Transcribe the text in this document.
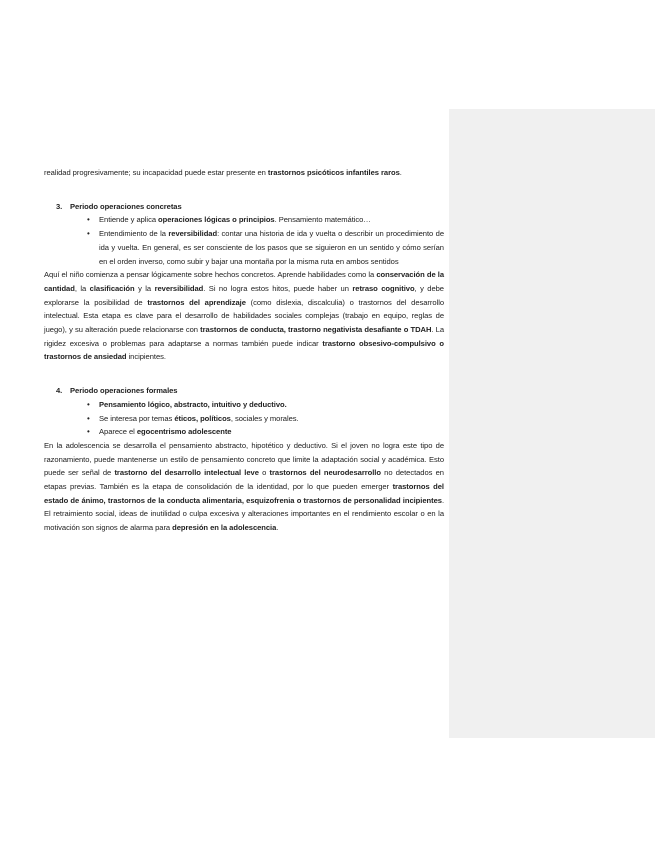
realidad progresivamente; su incapacidad puede estar presente en trastornos psicóticos infantiles raros.

3. Periodo operaciones concretas

• Entiende y aplica operaciones lógicas o principios. Pensamiento matemático…
• Entendimiento de la reversibilidad: contar una historia de ida y vuelta o describir un procedimiento de ida y vuelta. En general, es ser consciente de los pasos que se siguieron en un sentido y cómo serían en el orden inverso, como subir y bajar una montaña por la misma ruta en ambos sentidos

Aquí el niño comienza a pensar lógicamente sobre hechos concretos. Aprende habilidades como la conservación de la cantidad, la clasificación y la reversibilidad. Si no logra estos hitos, puede haber un retraso cognitivo, y debe explorarse la posibilidad de trastornos del aprendizaje (como dislexia, discalculia) o trastornos del desarrollo intelectual. Esta etapa es clave para el desarrollo de habilidades sociales complejas (trabajo en equipo, reglas de juego), y su alteración puede relacionarse con trastornos de conducta, trastorno negativista desafiante o TDAH. La rigidez excesiva o problemas para adaptarse a normas también puede indicar trastorno obsesivo-compulsivo o trastornos de ansiedad incipientes.

4. Periodo operaciones formales

• Pensamiento lógico, abstracto, intuitivo y deductivo.
• Se interesa por temas éticos, políticos, sociales y morales.
• Aparece el egocentrismo adolescente

En la adolescencia se desarrolla el pensamiento abstracto, hipotético y deductivo. Si el joven no logra este tipo de razonamiento, puede mantenerse un estilo de pensamiento concreto que limite la adaptación social y académica. Esto puede ser señal de trastorno del desarrollo intelectual leve o trastornos del neurodesarrollo no detectados en etapas previas. También es la etapa de consolidación de la identidad, por lo que pueden emerger trastornos del estado de ánimo, trastornos de la conducta alimentaria, esquizofrenia o trastornos de personalidad incipientes. El retraimiento social, ideas de inutilidad o culpa excesiva y alteraciones importantes en el rendimiento escolar o en la motivación son signos de alarma para depresión en la adolescencia.
